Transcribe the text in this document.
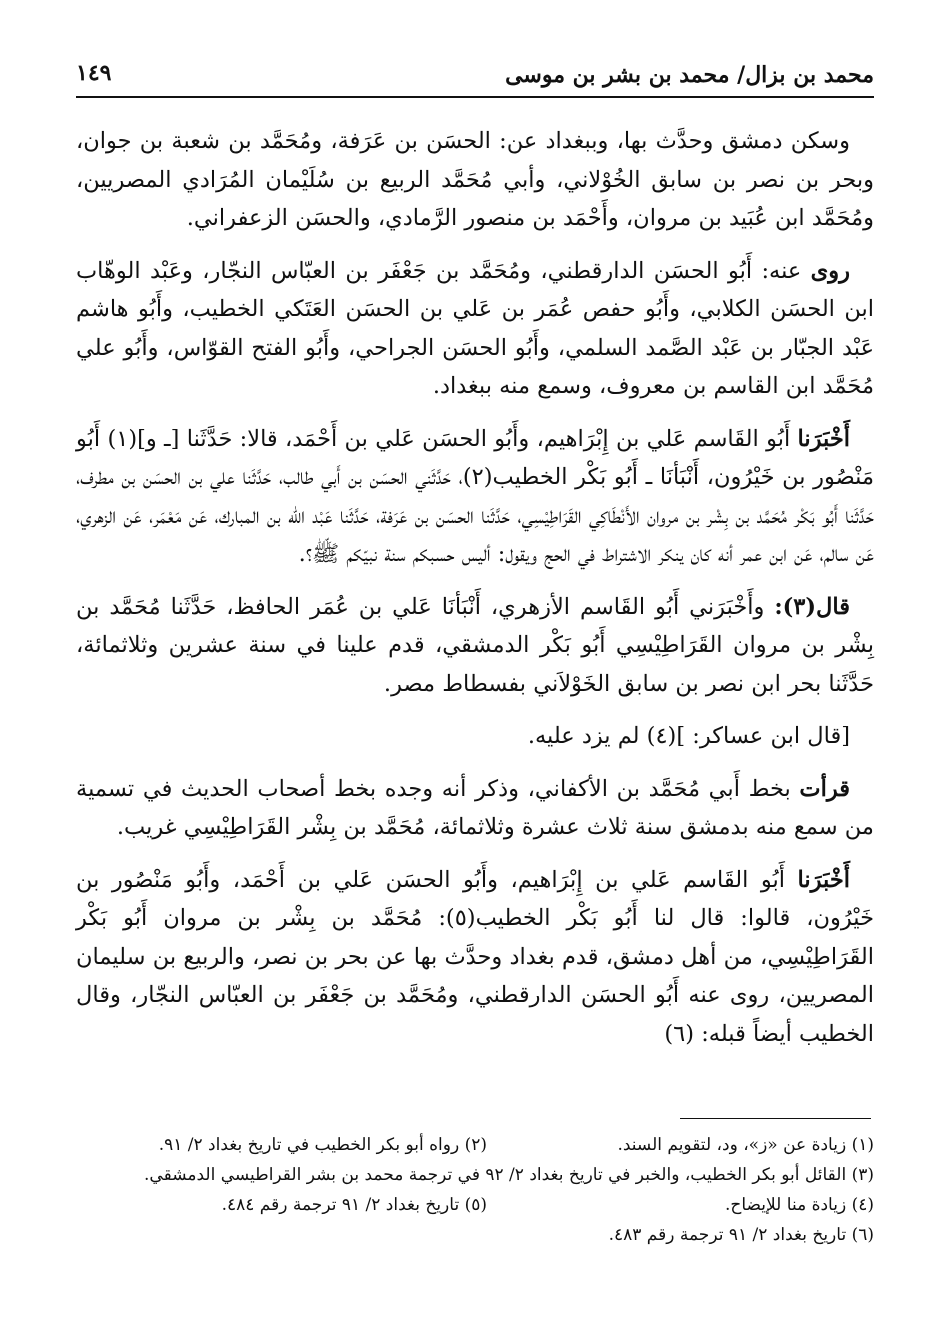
محمد بن بزال/ محمد بن بشر بن موسى
١٤٩

وسكن دمشق وحدَّث بها، وببغداد عن: الحسَن بن عَرَفة، ومُحَمَّد بن شعبة بن جوان، وبحر بن نصر بن سابق الخُوْلاني، وأبي مُحَمَّد الربيع بن سُلَيْمان المُرَادي المصريين، ومُحَمَّد ابن عُبَيد بن مروان، وأَحْمَد بن منصور الرَّمادي، والحسَن الزعفراني.

روى عنه: أَبُو الحسَن الدارقطني، ومُحَمَّد بن جَعْفَر بن العبّاس النجّار، وعَبْد الوهّاب ابن الحسَن الكلابي، وأَبُو حفص عُمَر بن عَلي بن الحسَن العَتَكي الخطيب، وأَبُو هاشم عَبْد الجبّار بن عَبْد الصَّمد السلمي، وأَبُو الحسَن الجراحي، وأَبُو الفتح القوّاس، وأَبُو علي مُحَمَّد ابن القاسم بن معروف، وسمع منه ببغداد.

أَخْبَرَنا أَبُو القَاسم عَلي بن إِبْرَاهيم، وأَبُو الحسَن عَلي بن أَحْمَد، قالا: حَدَّثَنا [ـ و](١) أَبُو مَنْصُور بن خَيْرُون، أَنْبَأنَا ـ أَبُو بَكْر الخطيب(٢)، حَدَّثَني الحسَن بن أَبي طالب، حَدَّثَنا علي بن الحسَن بن مطرف، حَدَّثَنا أَبُو بَكْر مُحَمَّد بن بِشْر بن مروان الأَنْطَاكِي القَرَاطِيْسِي، حَدَّثَنا الحسَن بن عَرَفة، حَدَّثَنا عَبْد اللّه بن المبارك، عَن مَعْمَر، عَن الزهري، عَن سالم، عَن ابن عمر أنه كان ينكر الاشتراط في الحج ويقول: أليس حسبكم سنة نبيّكم ﷺ؟.

قال(٣): وأَخْبَرَني أَبُو القَاسم الأزهري، أَنْبَأنَا عَلي بن عُمَر الحافظ، حَدَّثَنا مُحَمَّد بن بِشْر بن مروان القَرَاطِيْسِي أَبُو بَكْر الدمشقي، قدم علينا في سنة عشرين وثلاثمائة، حَدَّثَنا بحر ابن نصر بن سابق الخَوْلاَني بفسطاط مصر.

[قال ابن عساكر: ](٤) لم يزد عليه.

قرأت بخط أَبي مُحَمَّد بن الأكفاني، وذكر أنه وجده بخط أصحاب الحديث في تسمية من سمع منه بدمشق سنة ثلاث عشرة وثلاثمائة، مُحَمَّد بن بِشْر القَرَاطِيْسِي غريب.

أَخْبَرَنا أَبُو القَاسم عَلي بن إِبْرَاهيم، وأَبُو الحسَن عَلي بن أَحْمَد، وأَبُو مَنْصُور بن خَيْرُون، قالوا: قال لنا أَبُو بَكْر الخطيب(٥): مُحَمَّد بن بِشْر بن مروان أَبُو بَكْر القَرَاطِيْسِي، من أهل دمشق، قدم بغداد وحدَّث بها عن بحر بن نصر، والربيع بن سليمان المصريين، روى عنه أَبُو الحسَن الدارقطني، ومُحَمَّد بن جَعْفَر بن العبّاس النجّار، وقال الخطيب أيضاً قبله: (٦)

(١) زيادة عن «ز»، ود، لتقويم السند.
(٢) رواه أبو بكر الخطيب في تاريخ بغداد ٢/ ٩١.
(٣) القائل أبو بكر الخطيب، والخبر في تاريخ بغداد ٢/ ٩٢ في ترجمة محمد بن بشر القراطيسي الدمشقي.
(٤) زيادة منا للإيضاح.
(٥) تاريخ بغداد ٢/ ٩١ ترجمة رقم ٤٨٤.
(٦) تاريخ بغداد ٢/ ٩١ ترجمة رقم ٤٨٣.
